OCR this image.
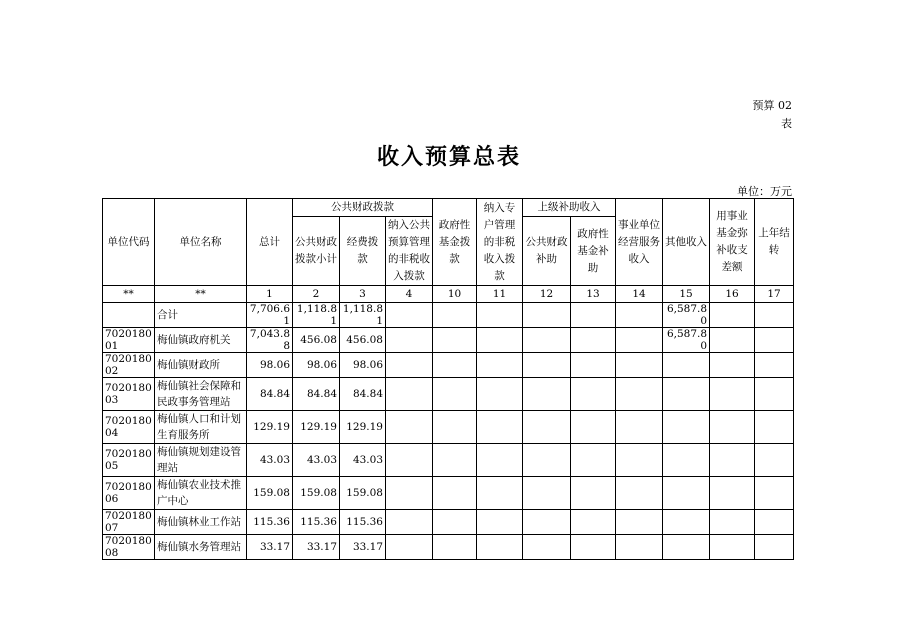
预算 02
表
收入预算总表
单位：万元
单位代码	单位名称	总计	公共财政拨款			政府性基金拨款	纳入专户管理的非税收入拨款	上级补助收入		事业单位经营服务收入	其他收入	用事业基金弥补收支差额	上年结转
			公共财政拨款小计	经费拨款	纳入公共预算管理的非税收入拨款			公共财政补助	政府性基金补助				
**	**	1	2	3	4	10	11	12	13	14	15	16	17
	合计	7,706.61	1,118.81	1,118.81							6,587.80		
702018001	梅仙镇政府机关	7,043.88	456.08	456.08							6,587.80		
702018002	梅仙镇财政所	98.06	98.06	98.06									
702018003	梅仙镇社会保障和民政事务管理站	84.84	84.84	84.84									
702018004	梅仙镇人口和计划生育服务所	129.19	129.19	129.19									
702018005	梅仙镇规划建设管理站	43.03	43.03	43.03									
702018006	梅仙镇农业技术推广中心	159.08	159.08	159.08									
702018007	梅仙镇林业工作站	115.36	115.36	115.36									
702018008	梅仙镇水务管理站	33.17	33.17	33.17									
